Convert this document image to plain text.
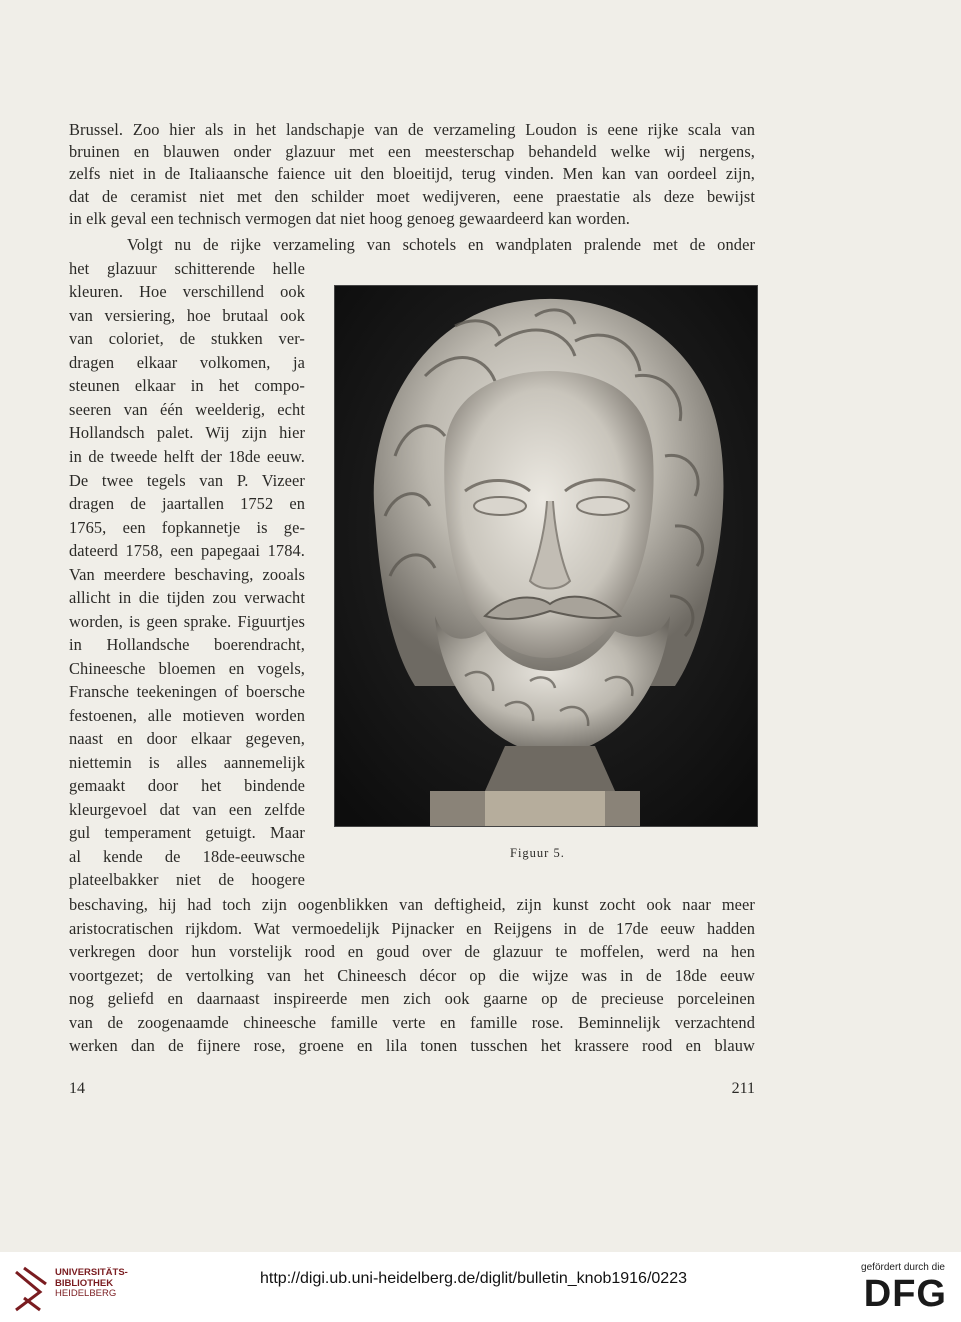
Brussel. Zoo hier als in het landschapje van de verzameling Loudon is eene rijke scala van
bruinen en blauwen onder glazuur met een meesterschap behandeld welke wij nergens,
zelfs niet in de Italiaansche faience uit den bloeitijd, terug vinden. Men kan van oordeel zijn,
dat de ceramist niet met den schilder moet wedijveren, eene praestatie als deze bewijst
in elk geval een technisch vermogen dat niet hoog genoeg gewaardeerd kan worden.
Volgt nu de rijke verzameling van schotels en wandplaten pralende met de onder
het glazuur schitterende helle
kleuren. Hoe verschillend ook
van versiering, hoe brutaal ook
van coloriet, de stukken ver-
dragen elkaar volkomen, ja
steunen elkaar in het compo-
seeren van één weelderig, echt
Hollandsch palet. Wij zijn hier
in de tweede helft der 18de eeuw.
De twee tegels van P. Vizeer
dragen de jaartallen 1752 en
1765, een fopkannetje is ge-
dateerd 1758, een papegaai 1784.
Van meerdere beschaving, zooals
allicht in die tijden zou verwacht
worden, is geen sprake. Figuurtjes
in Hollandsche boerendracht,
Chineesche bloemen en vogels,
Fransche teekeningen of boersche
festoenen, alle motieven worden
naast en door elkaar gegeven,
niettemin is alles aannemelijk
gemaakt door het bindende
kleurgevoel dat van een zelfde
gul temperament getuigt. Maar
al kende de 18de-eeuwsche
plateelbakker niet de hoogere
beschaving, hij had toch zijn oogenblikken van deftigheid, zijn kunst zocht ook naar meer
aristocratischen rijkdom. Wat vermoedelijk Pijnacker en Reijgens in de 17de eeuw hadden
verkregen door hun vorstelijk rood en goud over de glazuur te moffelen, werd na hen
voortgezet; de vertolking van het Chineesch décor op die wijze was in de 18de eeuw
nog geliefd en daarnaast inspireerde men zich ook gaarne op de precieuse porceleinen
van de zoogenaamde chineesche famille verte en famille rose. Beminnelijk verzachtend
werken dan de fijnere rose, groene en lila tonen tusschen het krassere rood en blauw
Figuur 5.
14	211
UNIVERSITÄTS-
BIBLIOTHEK
HEIDELBERG
http://digi.ub.uni-heidelberg.de/diglit/bulletin_knob1916/0223
gefördert durch die
DFG
